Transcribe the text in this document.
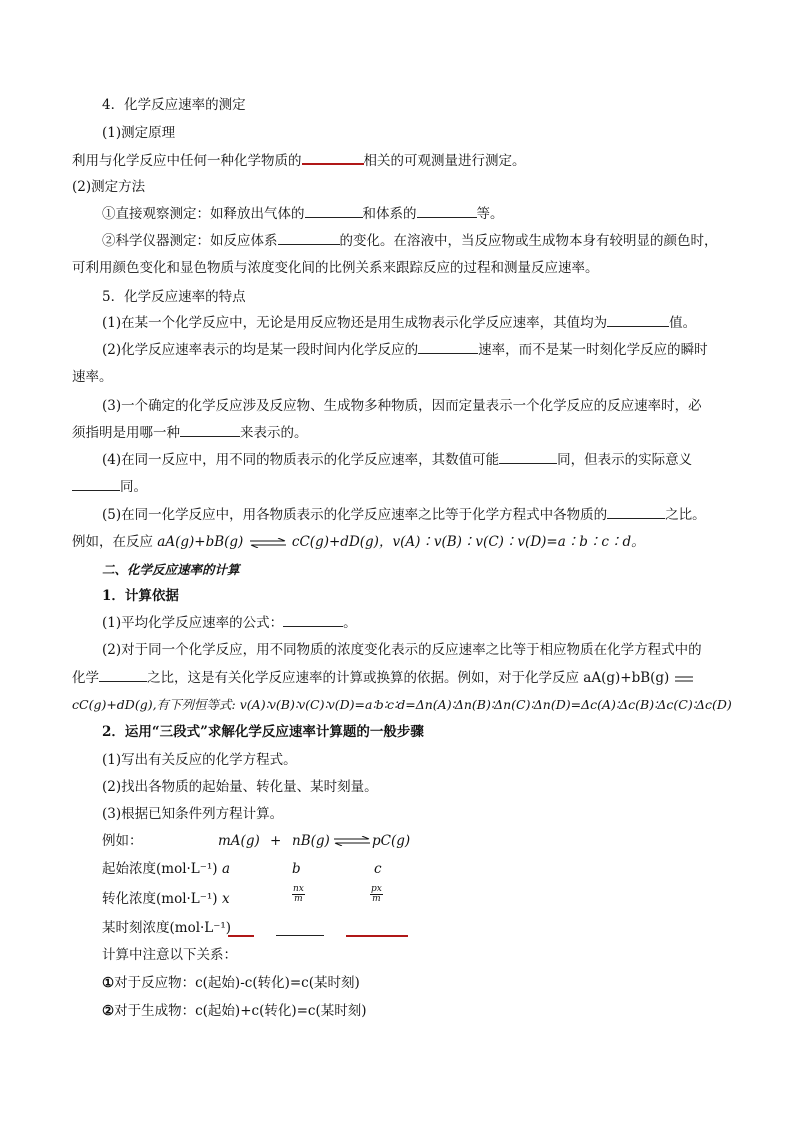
4．化学反应速率的测定
(1)测定原理
利用与化学反应中任何一种化学物质的	相关的可观测量进行测定。
(2)测定方法
①直接观察测定：如释放出气体的	和体系的	等。
②科学仪器测定：如反应体系	的变化。在溶液中，当反应物或生成物本身有较明显的颜色时，
可利用颜色变化和显色物质与浓度变化间的比例关系来跟踪反应的过程和测量反应速率。
5．化学反应速率的特点
(1)在某一个化学反应中，无论是用反应物还是用生成物表示化学反应速率，其值均为	值。
(2)化学反应速率表示的均是某一段时间内化学反应的	速率，而不是某一时刻化学反应的瞬时
速率。
(3)一个确定的化学反应涉及反应物、生成物多种物质，因而定量表示一个化学反应的反应速率时，必
须指明是用哪一种	来表示的。
(4)在同一反应中，用不同的物质表示的化学反应速率，其数值可能	同，但表示的实际意义
同。
(5)在同一化学反应中，用各物质表示的化学反应速率之比等于化学方程式中各物质的	之比。
例如，在反应 aA(g)+bB(g) ⇌ cC(g)+dD(g)，v(A)∶v(B)∶v(C)∶v(D)=a∶b∶c∶d。
二、化学反应速率的计算
1．计算依据
(1)平均化学反应速率的公式：	。
(2)对于同一个化学反应，用不同物质的浓度变化表示的反应速率之比等于相应物质在化学方程式中的
化学	之比，这是有关化学反应速率的计算或换算的依据。例如，对于化学反应 aA(g)+bB(g)
cC(g)+dD(g),有下列恒等式: v(A)∶v(B)∶v(C)∶v(D)=a∶b∶c∶d=Δn(A)∶Δn(B)∶Δn(C)∶Δn(D)=Δc(A)∶Δc(B)∶Δc(C)∶Δc(D)
2．运用“三段式”求解化学反应速率计算题的一般步骤
(1)写出有关反应的化学方程式。
(2)找出各物质的起始量、转化量、某时刻量。
(3)根据已知条件列方程计算。
例如：	mA(g) + nB(g) ⇌ pC(g)
起始浓度(mol·L⁻¹) a	b	c
转化浓度(mol·L⁻¹) x	$\frac{nx}{m}$	$\frac{px}{m}$
某时刻浓度(mol·L⁻¹)
计算中注意以下关系：
①对于反应物：c(起始)-c(转化)=c(某时刻)
②对于生成物：c(起始)+c(转化)=c(某时刻)
